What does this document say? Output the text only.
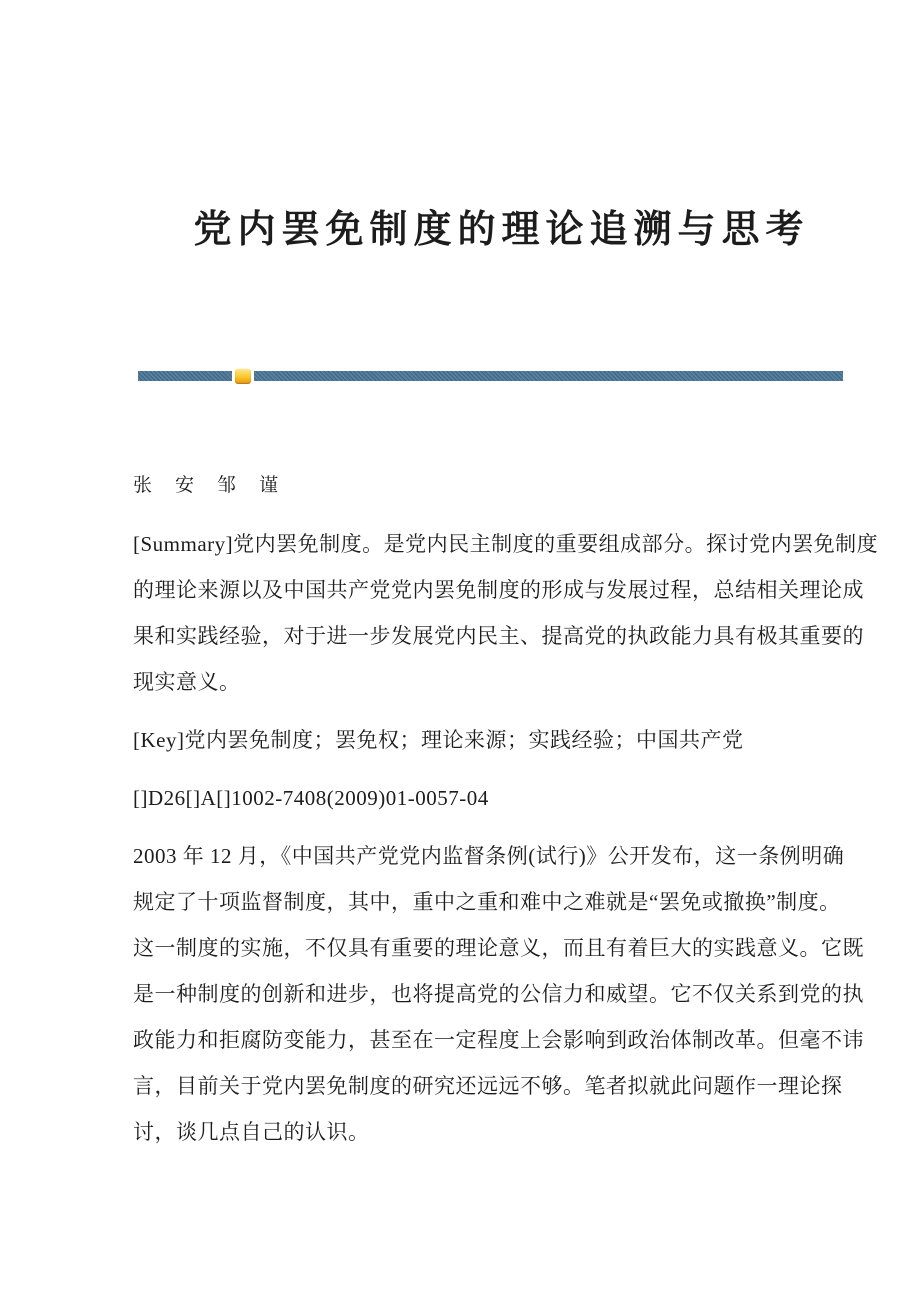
党内罢免制度的理论追溯与思考
张　安　邹　谨
[Summary]党内罢免制度。是党内民主制度的重要组成部分。探讨党内罢免制度
的理论来源以及中国共产党党内罢免制度的形成与发展过程，总结相关理论成
果和实践经验，对于进一步发展党内民主、提高党的执政能力具有极其重要的
现实意义。
[Key]党内罢免制度；罢免权；理论来源；实践经验；中国共产党
[]D26[]A[]1002-7408(2009)01-0057-04
2003 年 12 月，《中国共产党党内监督条例(试行)》公开发布，这一条例明确
规定了十项监督制度，其中，重中之重和难中之难就是“罢免或撤换”制度。
这一制度的实施，不仅具有重要的理论意义，而且有着巨大的实践意义。它既
是一种制度的创新和进步，也将提高党的公信力和威望。它不仅关系到党的执
政能力和拒腐防变能力，甚至在一定程度上会影响到政治体制改革。但毫不讳
言，目前关于党内罢免制度的研究还远远不够。笔者拟就此问题作一理论探
讨，谈几点自己的认识。
